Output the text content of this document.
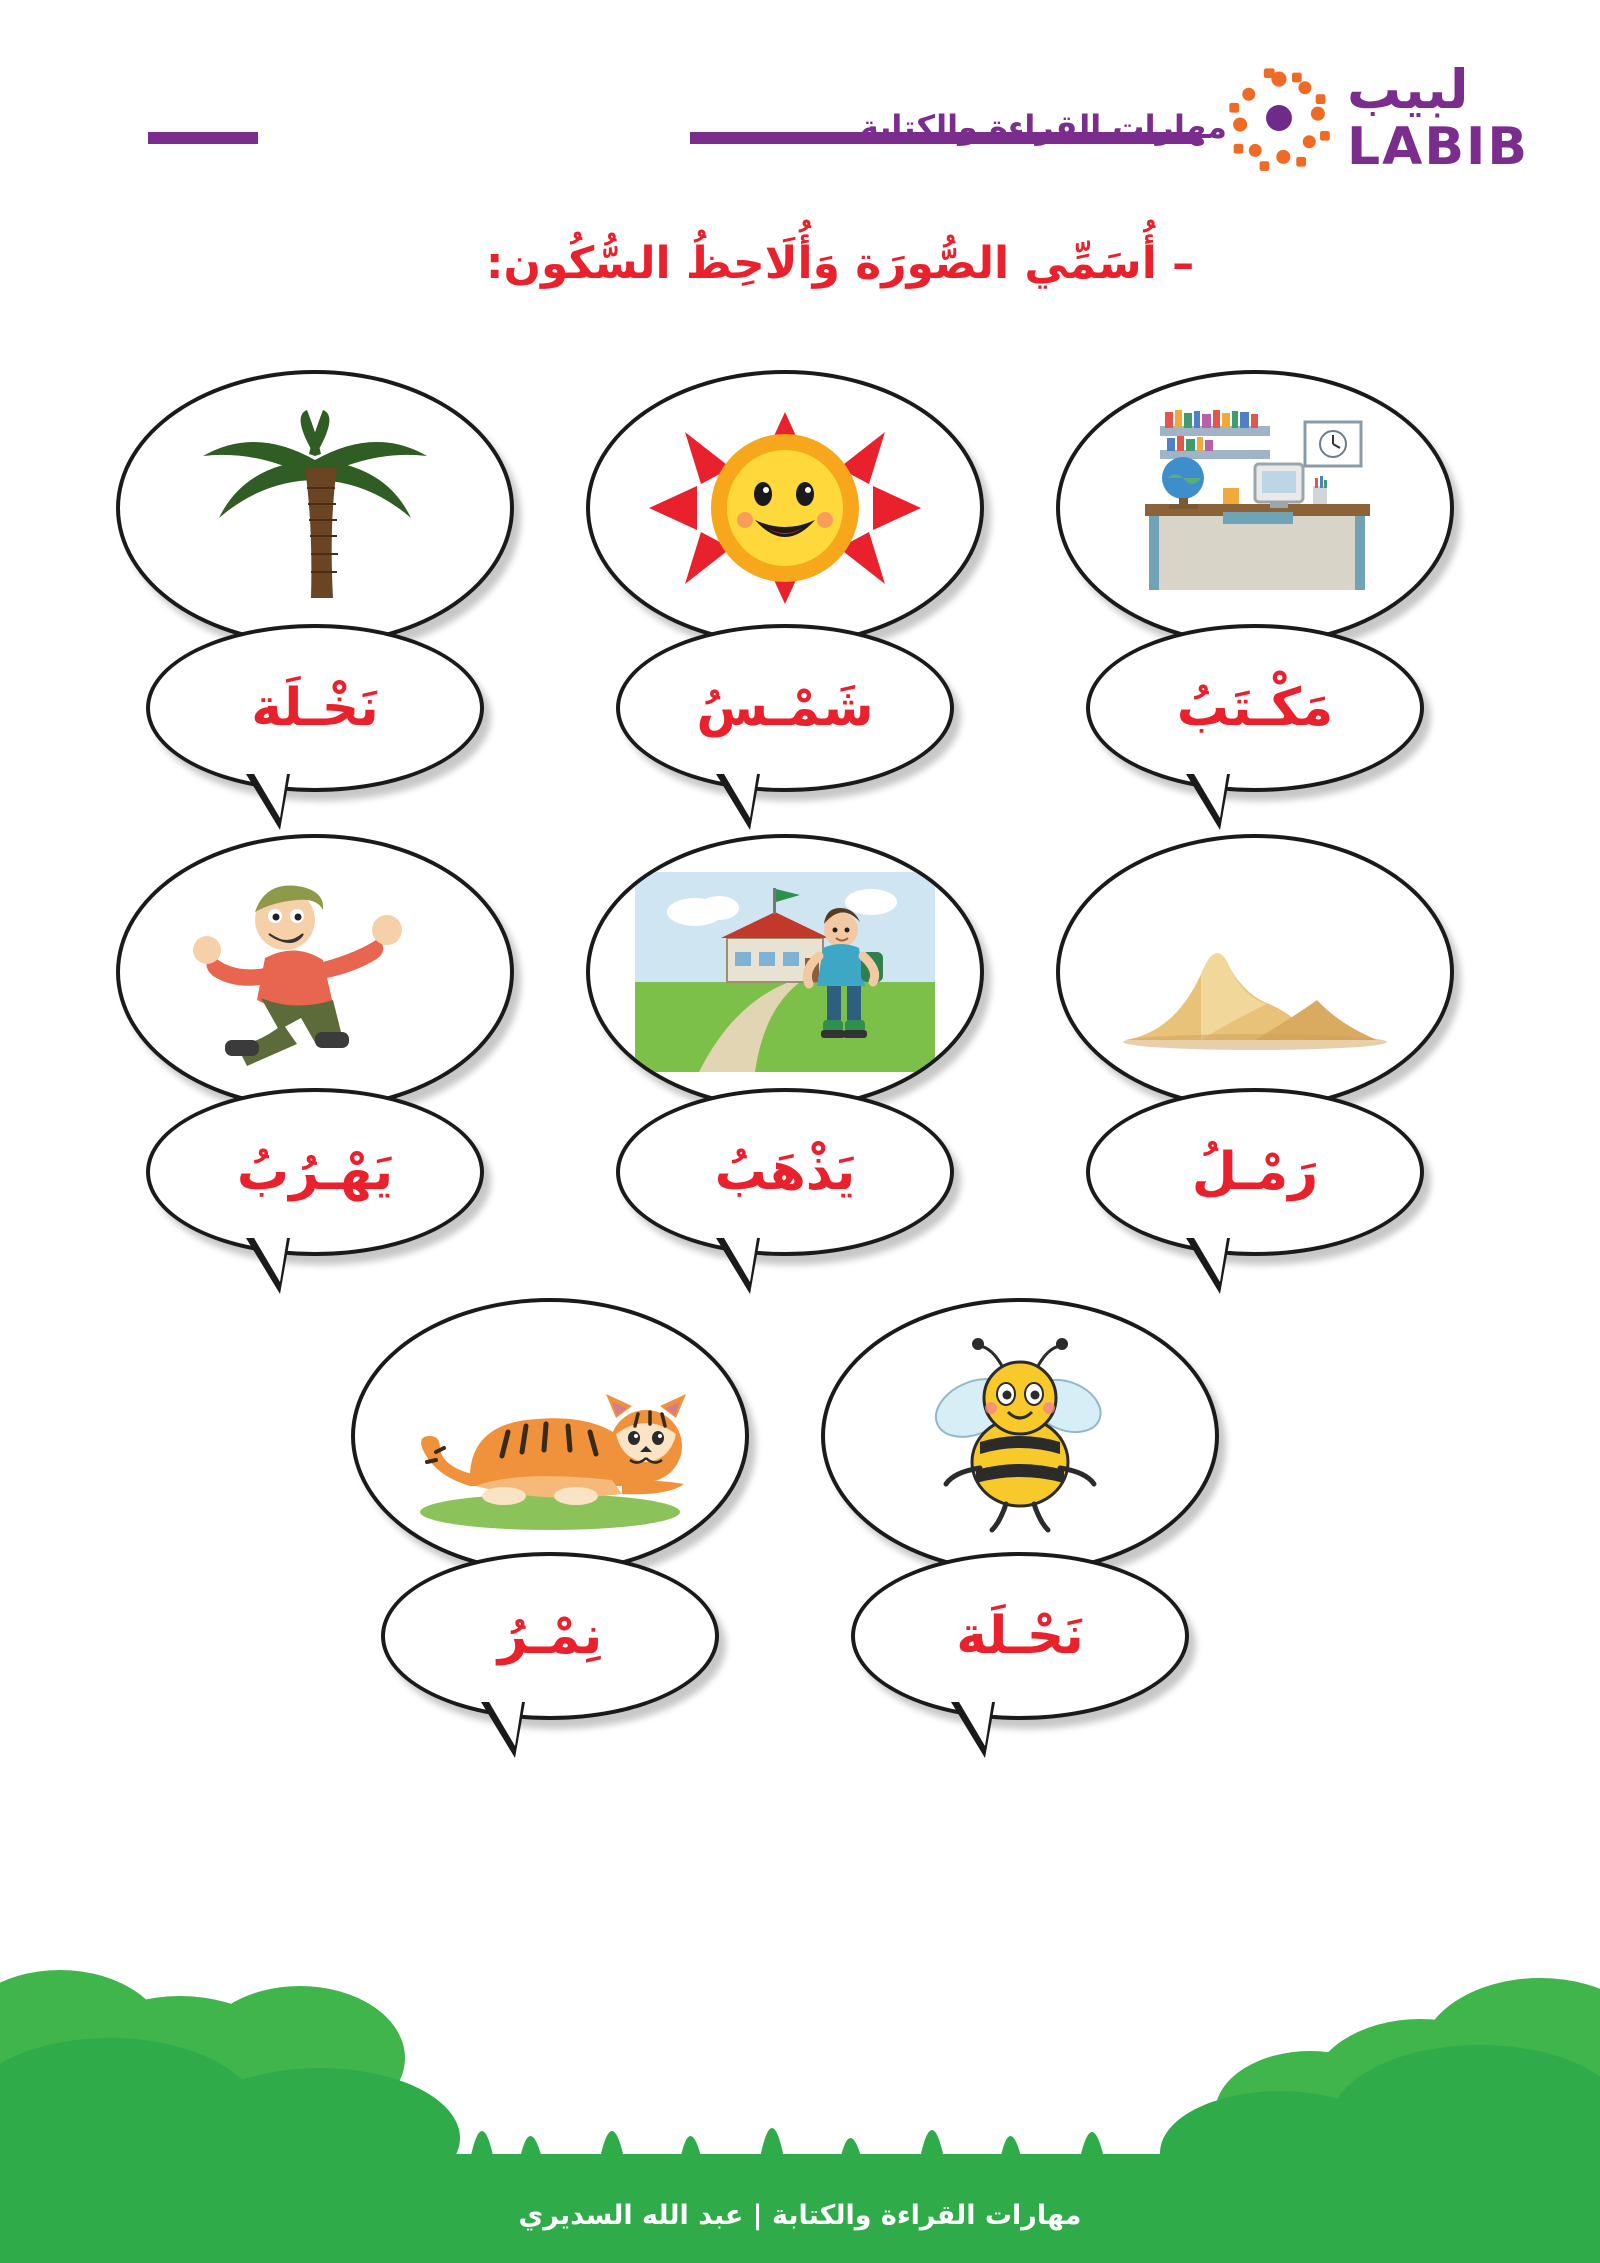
لبيب
LABIB
مهارات القراءة والكتابة
– أُسَمِّي الصُّورَة وَأُلَاحِظُ السُّكُون:
مَكْـتَبُ
شَمْـسُ
نَخْـلَة
رَمْـلُ
يَذْهَبُ
يَهْـرُبُ
نَحْـلَة
نِمْـرُ
مهارات القراءة والكتابة | عبد الله السديري
